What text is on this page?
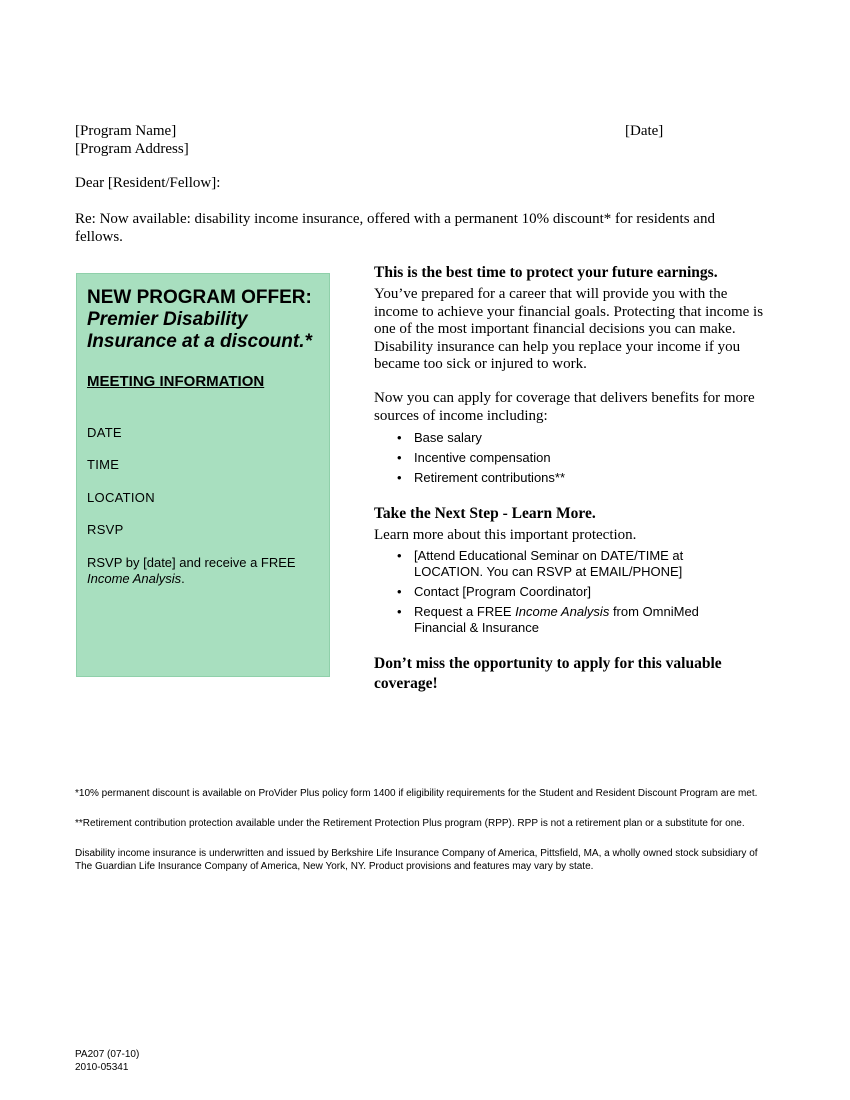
[Program Name]
[Program Address]
[Date]
Dear [Resident/Fellow]:
Re: Now available: disability income insurance, offered with a permanent 10% discount* for residents and fellows.
NEW PROGRAM OFFER:
Premier Disability Insurance at a discount.*
MEETING INFORMATION
DATE
TIME
LOCATION
RSVP
RSVP by [date] and receive a FREE Income Analysis.
This is the best time to protect your future earnings.
You’ve prepared for a career that will provide you with the income to achieve your financial goals. Protecting that income is one of the most important financial decisions you can make. Disability insurance can help you replace your income if you became too sick or injured to work.
Now you can apply for coverage that delivers benefits for more sources of income including:
• Base salary
• Incentive compensation
• Retirement contributions**
Take the Next Step - Learn More.
Learn more about this important protection.
• [Attend Educational Seminar on DATE/TIME at LOCATION. You can RSVP at EMAIL/PHONE]
• Contact [Program Coordinator]
• Request a FREE Income Analysis from OmniMed Financial & Insurance
Don’t miss the opportunity to apply for this valuable coverage!
*10% permanent discount is available on ProVider Plus policy form 1400 if eligibility requirements for the Student and Resident Discount Program are met.
**Retirement contribution protection available under the Retirement Protection Plus program (RPP). RPP is not a retirement plan or a substitute for one.
Disability income insurance is underwritten and issued by Berkshire Life Insurance Company of America, Pittsfield, MA, a wholly owned stock subsidiary of The Guardian Life Insurance Company of America, New York, NY. Product provisions and features may vary by state.
PA207 (07-10)
2010-05341
